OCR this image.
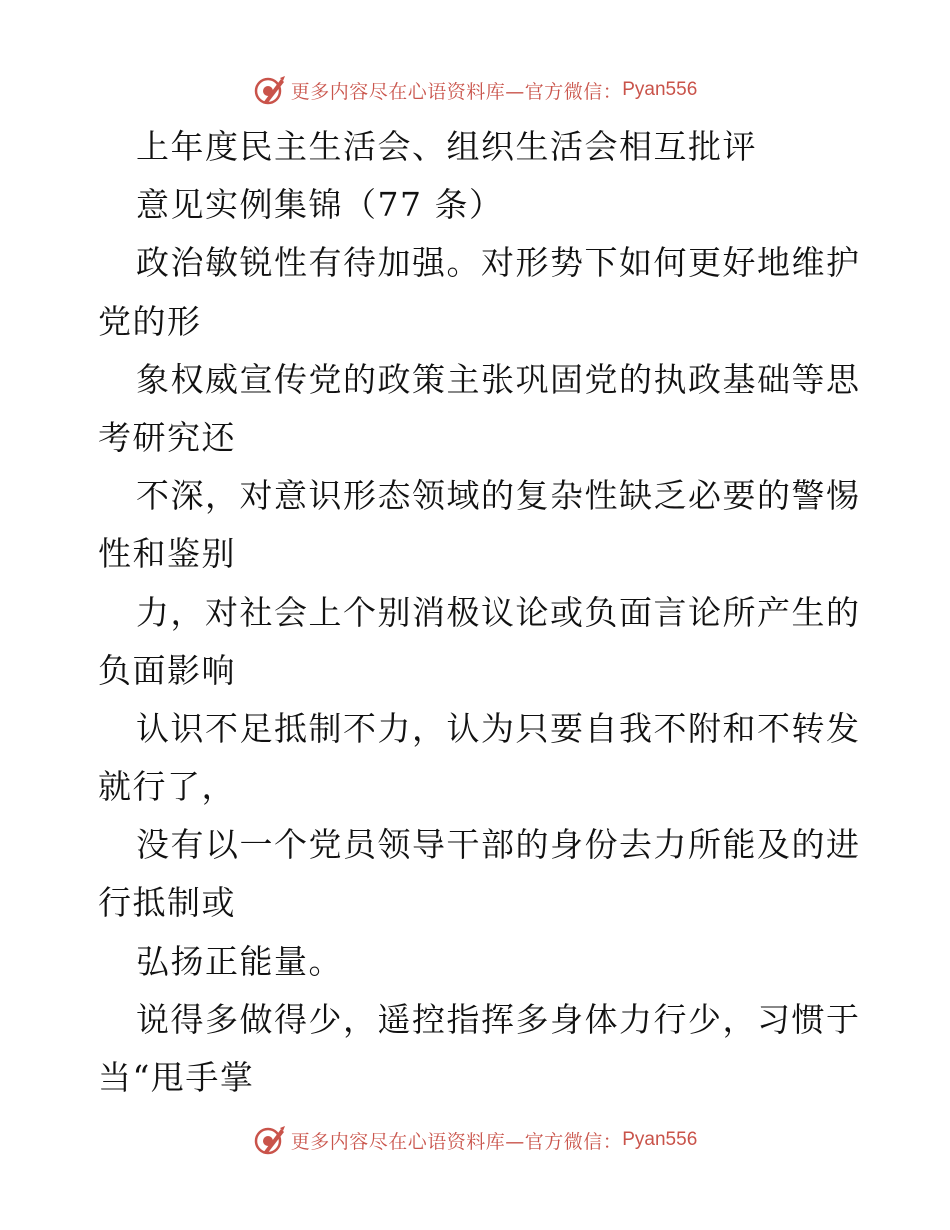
更多内容尽在心语资料库—官方微信： Pyan556
上年度民主生活会、组织生活会相互批评
意见实例集锦（77 条）
政治敏锐性有待加强。对形势下如何更好地维护
党的形
象权威宣传党的政策主张巩固党的执政基础等思
考研究还
不深，对意识形态领域的复杂性缺乏必要的警惕
性和鉴别
力，对社会上个别消极议论或负面言论所产生的
负面影响
认识不足抵制不力，认为只要自我不附和不转发
就行了，
没有以一个党员领导干部的身份去力所能及的进
行抵制或
弘扬正能量。
说得多做得少，遥控指挥多身体力行少，习惯于
当“甩手掌
更多内容尽在心语资料库—官方微信： Pyan556
